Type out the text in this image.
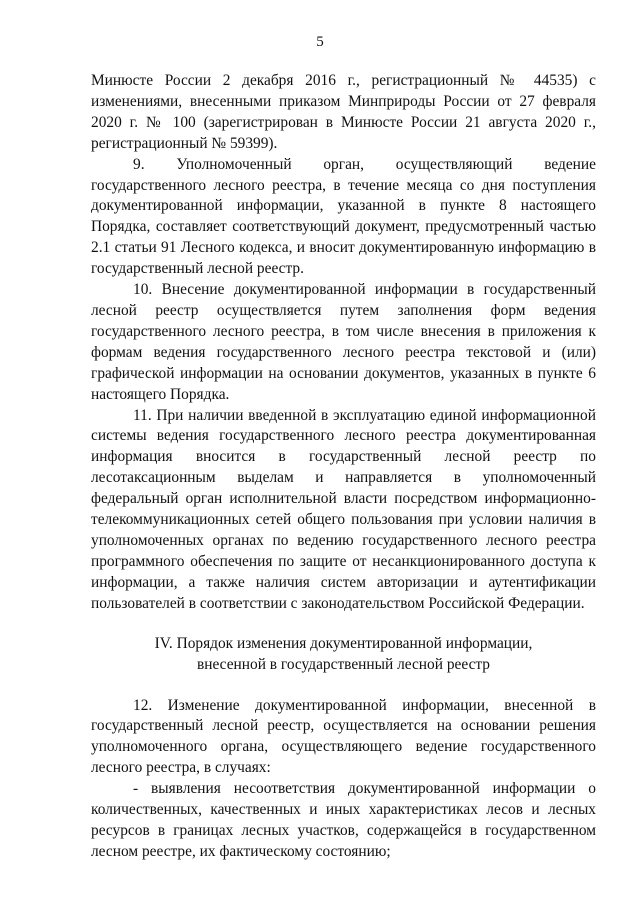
5

Минюсте России 2 декабря 2016 г., регистрационный № 44535) с изменениями, внесенными приказом Минприроды России от 27 февраля 2020 г. № 100 (зарегистрирован в Минюсте России 21 августа 2020 г., регистрационный № 59399).

9. Уполномоченный орган, осуществляющий ведение государственного лесного реестра, в течение месяца со дня поступления документированной информации, указанной в пункте 8 настоящего Порядка, составляет соответствующий документ, предусмотренный частью 2.1 статьи 91 Лесного кодекса, и вносит документированную информацию в государственный лесной реестр.

10. Внесение документированной информации в государственный лесной реестр осуществляется путем заполнения форм ведения государственного лесного реестра, в том числе внесения в приложения к формам ведения государственного лесного реестра текстовой и (или) графической информации на основании документов, указанных в пункте 6 настоящего Порядка.

11. При наличии введенной в эксплуатацию единой информационной системы ведения государственного лесного реестра документированная информация вносится в государственный лесной реестр по лесотаксационным выделам и направляется в уполномоченный федеральный орган исполнительной власти посредством информационно-телекоммуникационных сетей общего пользования при условии наличия в уполномоченных органах по ведению государственного лесного реестра программного обеспечения по защите от несанкционированного доступа к информации, а также наличия систем авторизации и аутентификации пользователей в соответствии с законодательством Российской Федерации.

IV. Порядок изменения документированной информации,
внесенной в государственный лесной реестр

12. Изменение документированной информации, внесенной в государственный лесной реестр, осуществляется на основании решения уполномоченного органа, осуществляющего ведение государственного лесного реестра, в случаях:

- выявления несоответствия документированной информации о количественных, качественных и иных характеристиках лесов и лесных ресурсов в границах лесных участков, содержащейся в государственном лесном реестре, их фактическому состоянию;
